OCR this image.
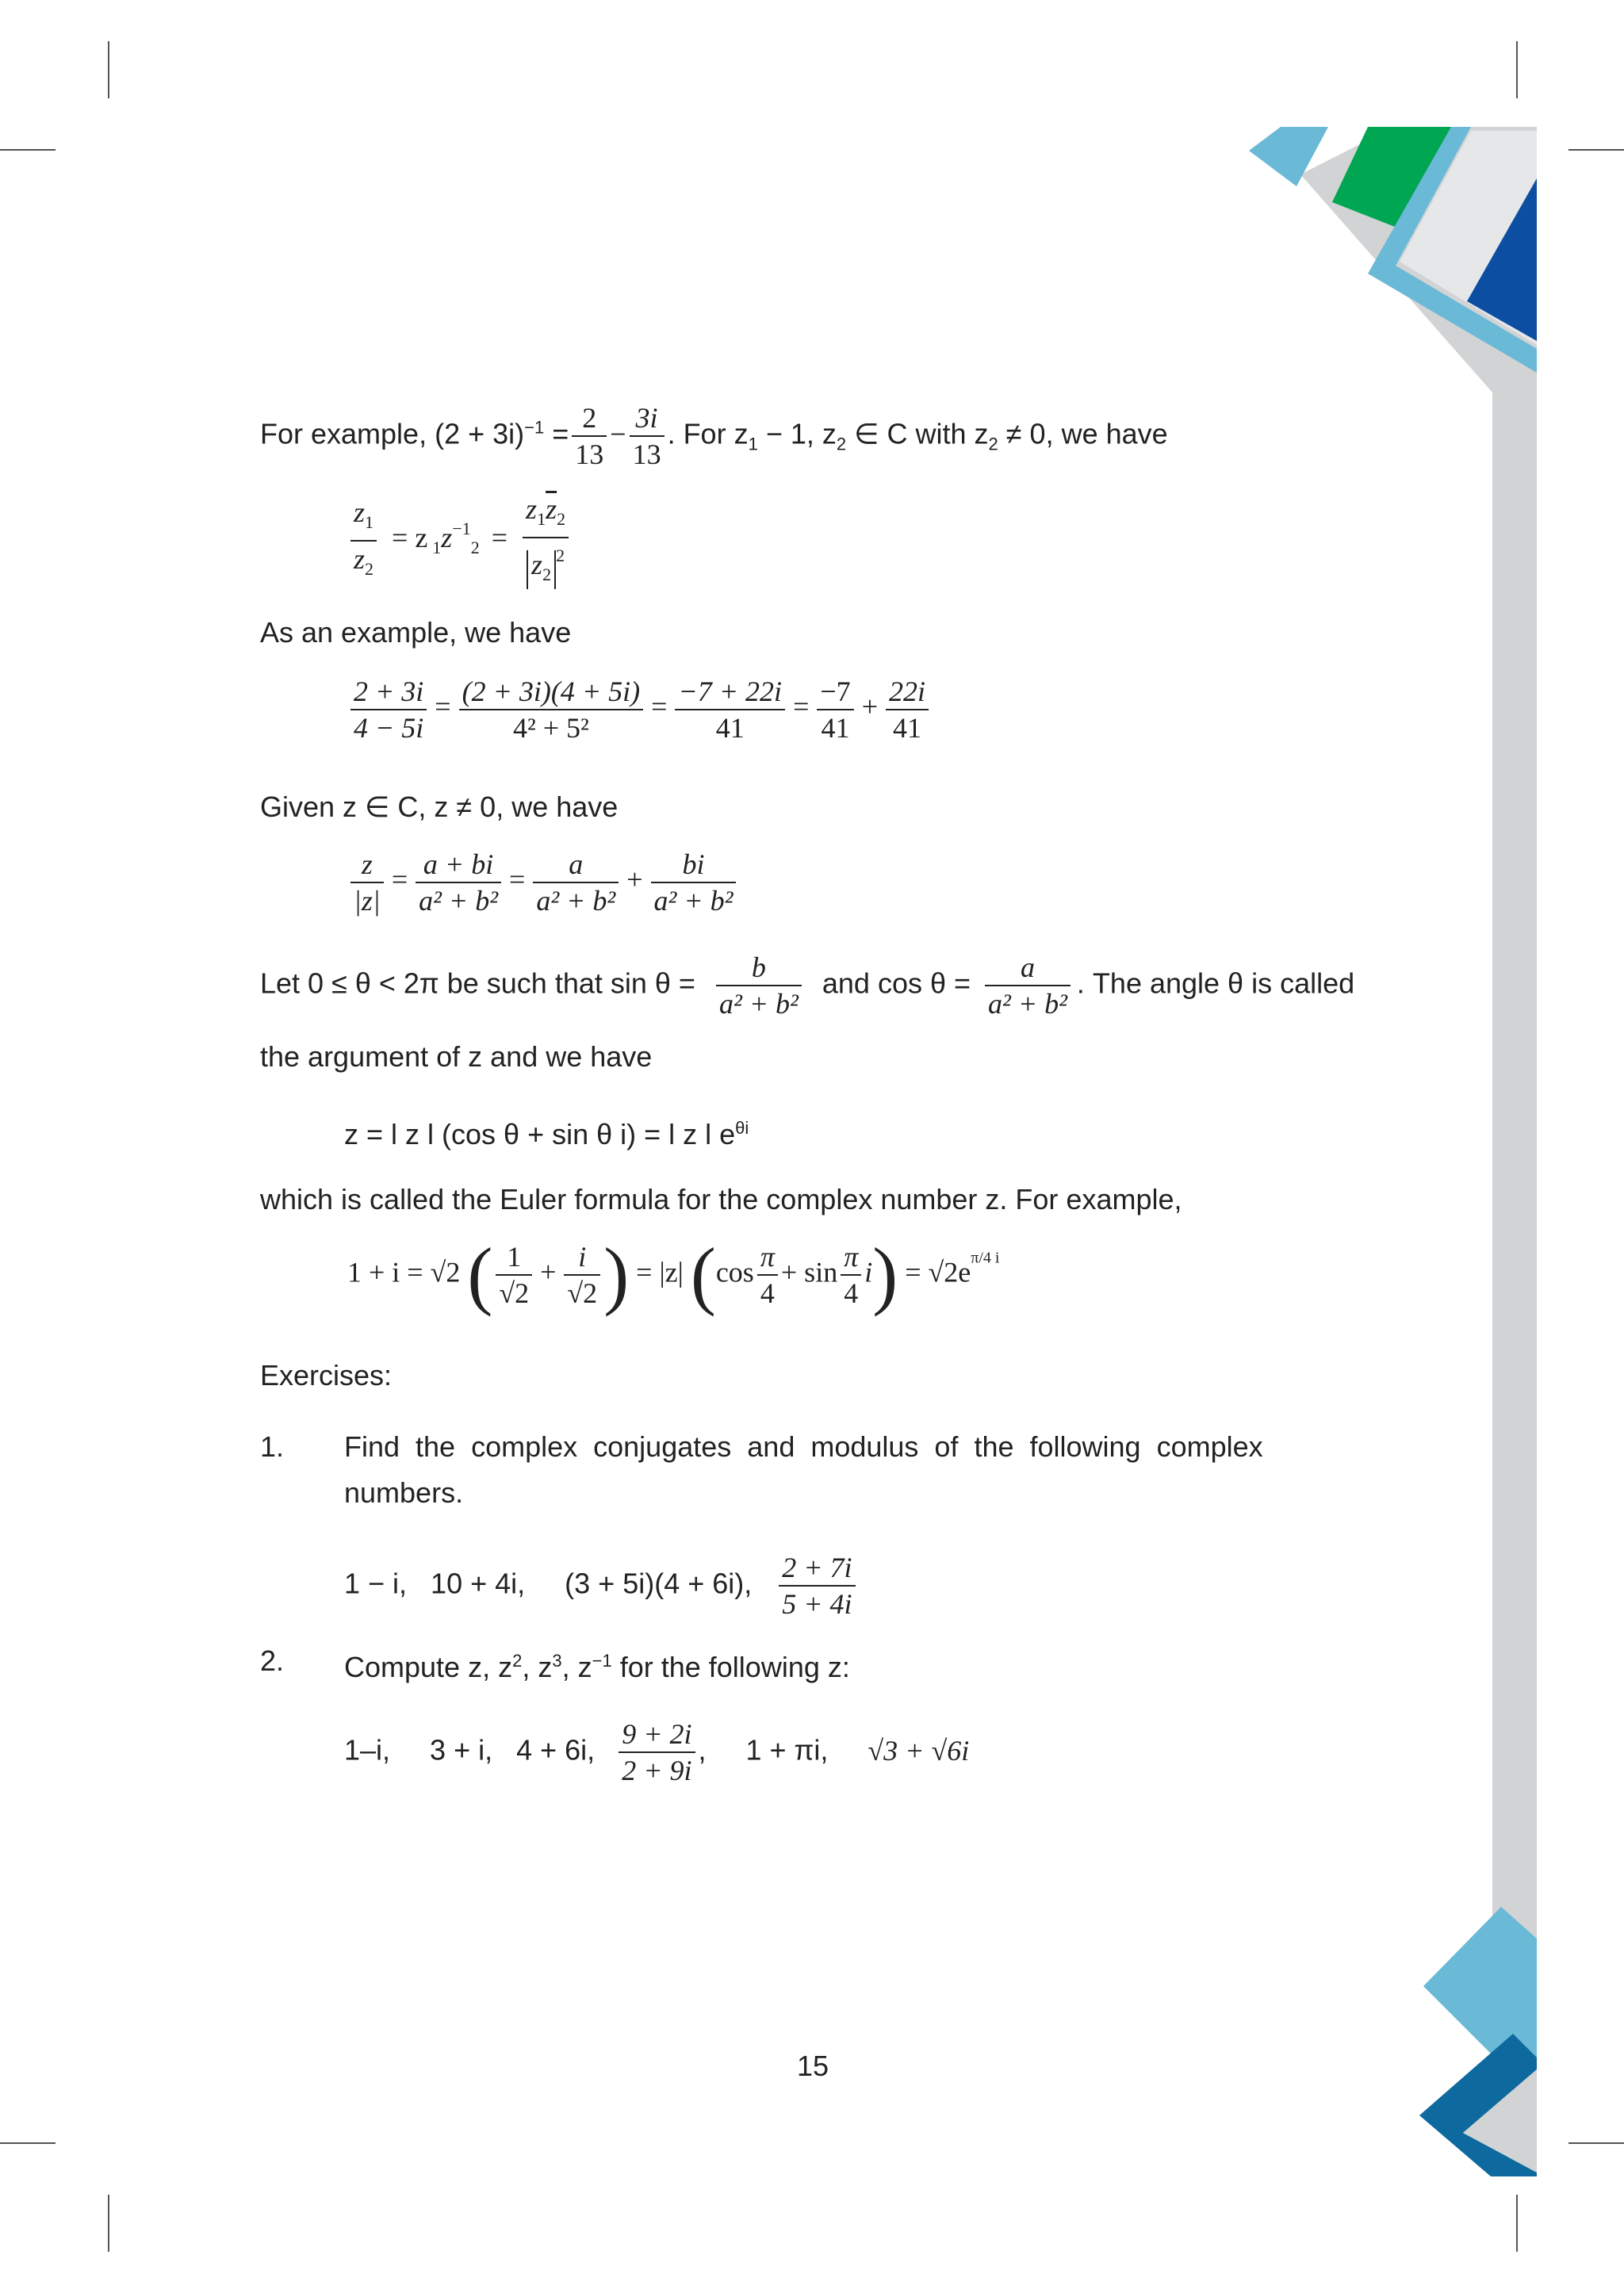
For example, $(2 + 3i)^{-1} = \frac{2}{13} - \frac{3i}{13}$ . For $z_1 - 1$, $z_2$ ∈ C with $z_2 \ne 0$, we have
$\frac{z_1}{z_2} = z$ $_1z^{-1}_2 = \frac{z_1\overline{z}_2}{z_2^2}$
As an example, we have
$\frac{2 + 3i}{4 - 5i} = \frac{(2 + 3i)(4 + 5i)}{\text{4² + 5²}} = \frac{-7 + 22i}{41} = \frac{-7}{41} + \frac{22i}{41}$
Given z ∈ C, z ≠ 0, we have
$\frac{z}{|z|} = \frac{a + bi}{\text{a² + b²}} = \frac{a}{\text{a² + b²}} + \frac{bi}{\text{a² + b²}}$
Let 0 ≤ θ < 2π be such that $\sin \theta = \frac{b}{\text{a² + b²}}$ and $\cos \theta = \frac{a}{\text{a² + b²}}$ . The angle θ is called
the argument of z and we have
z = l z l (cos θ + sin θ i) = l z l $e^{\theta i}$
which is called the Euler formula for the complex number z. For example,
1 + i = √2 ( $\frac{1}{√2} + \frac{i}{√2}$ ) = |z| $(\cos \frac{\pi}{4} + \sin \frac{\pi}{4} i) = √2e^{\pi/4 i}$
Exercises:
1. Find  the  complex  conjugates  and  modulus  of  the  following  complex
numbers.
1 − i,   10 + 4i,     (3 + 5i)(4 + 6i), $\frac{2 + 7i}{5 + 4i}$
2. Compute z, $z^2$, $z^3$, $z^{-1}$ for the following z:
1–i,     3 + i,   4 + 6i, $\frac{9 + 2i}{2 + 9i}$ ,     1 + πi, √3 + √6i
15
